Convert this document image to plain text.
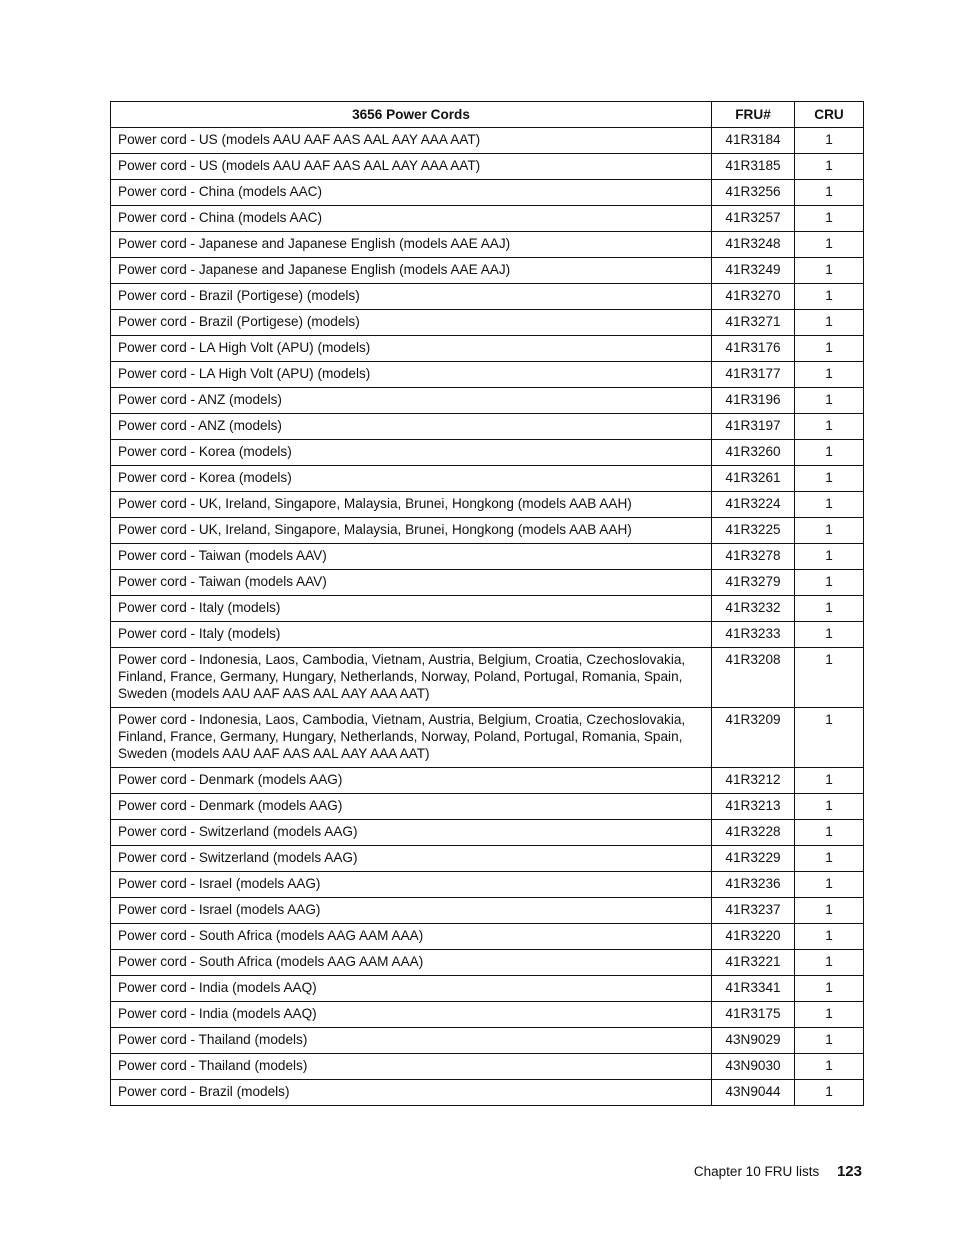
3656 Power Cords	FRU#	CRU
Power cord - US (models AAU AAF AAS AAL AAY AAA AAT)	41R3184	1
Power cord - US (models AAU AAF AAS AAL AAY AAA AAT)	41R3185	1
Power cord - China (models AAC)	41R3256	1
Power cord - China (models AAC)	41R3257	1
Power cord - Japanese and Japanese English (models AAE AAJ)	41R3248	1
Power cord - Japanese and Japanese English (models AAE AAJ)	41R3249	1
Power cord - Brazil (Portigese) (models)	41R3270	1
Power cord - Brazil (Portigese) (models)	41R3271	1
Power cord - LA High Volt (APU) (models)	41R3176	1
Power cord - LA High Volt (APU) (models)	41R3177	1
Power cord - ANZ (models)	41R3196	1
Power cord - ANZ (models)	41R3197	1
Power cord - Korea (models)	41R3260	1
Power cord - Korea (models)	41R3261	1
Power cord - UK, Ireland, Singapore, Malaysia, Brunei, Hongkong (models AAB AAH)	41R3224	1
Power cord - UK, Ireland, Singapore, Malaysia, Brunei, Hongkong (models AAB AAH)	41R3225	1
Power cord - Taiwan (models AAV)	41R3278	1
Power cord - Taiwan (models AAV)	41R3279	1
Power cord - Italy (models)	41R3232	1
Power cord - Italy (models)	41R3233	1
Power cord - Indonesia, Laos, Cambodia, Vietnam, Austria, Belgium, Croatia, Czechoslovakia, Finland, France, Germany, Hungary, Netherlands, Norway, Poland, Portugal, Romania, Spain, Sweden (models AAU AAF AAS AAL AAY AAA AAT)	41R3208	1
Power cord - Indonesia, Laos, Cambodia, Vietnam, Austria, Belgium, Croatia, Czechoslovakia, Finland, France, Germany, Hungary, Netherlands, Norway, Poland, Portugal, Romania, Spain, Sweden (models AAU AAF AAS AAL AAY AAA AAT)	41R3209	1
Power cord - Denmark (models AAG)	41R3212	1
Power cord - Denmark (models AAG)	41R3213	1
Power cord - Switzerland (models AAG)	41R3228	1
Power cord - Switzerland (models AAG)	41R3229	1
Power cord - Israel (models AAG)	41R3236	1
Power cord - Israel (models AAG)	41R3237	1
Power cord - South Africa (models AAG AAM AAA)	41R3220	1
Power cord - South Africa (models AAG AAM AAA)	41R3221	1
Power cord - India (models AAQ)	41R3341	1
Power cord - India (models AAQ)	41R3175	1
Power cord - Thailand (models)	43N9029	1
Power cord - Thailand (models)	43N9030	1
Power cord - Brazil (models)	43N9044	1
Chapter 10 FRU lists 123
